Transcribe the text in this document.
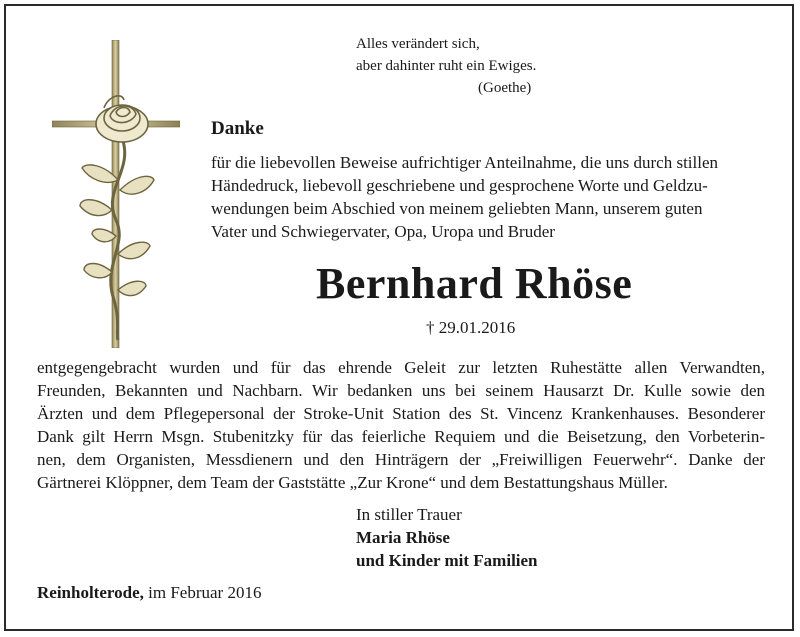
Alles verändert sich,
aber dahinter ruht ein Ewiges.
(Goethe)
Danke
für die liebevollen Beweise aufrichtiger Anteilnahme, die uns durch stillen
Händedruck, liebevoll geschriebene und gesprochene Worte und Geldzu-
wendungen beim Abschied von meinem geliebten Mann, unserem guten
Vater und Schwiegervater, Opa, Uropa und Bruder
Bernhard Rhöse
† 29.01.2016
entgegengebracht wurden und für das ehrende Geleit zur letzten Ruhestätte allen Verwandten,
Freunden, Bekannten und Nachbarn. Wir bedanken uns bei seinem Hausarzt Dr. Kulle sowie den
Ärzten und dem Pflegepersonal der Stroke-Unit Station des St. Vincenz Krankenhauses. Besonderer
Dank gilt Herrn Msgn. Stubenitzky für das feierliche Requiem und die Beisetzung, den Vorbeterin-
nen, dem Organisten, Messdienern und den Hinträgern der „Freiwilligen Feuerwehr“. Danke der
Gärtnerei Klöppner, dem Team der Gaststätte „Zur Krone“ und dem Bestattungshaus Müller.
In stiller Trauer
Maria Rhöse
und Kinder mit Familien
Reinholterode, im Februar 2016
